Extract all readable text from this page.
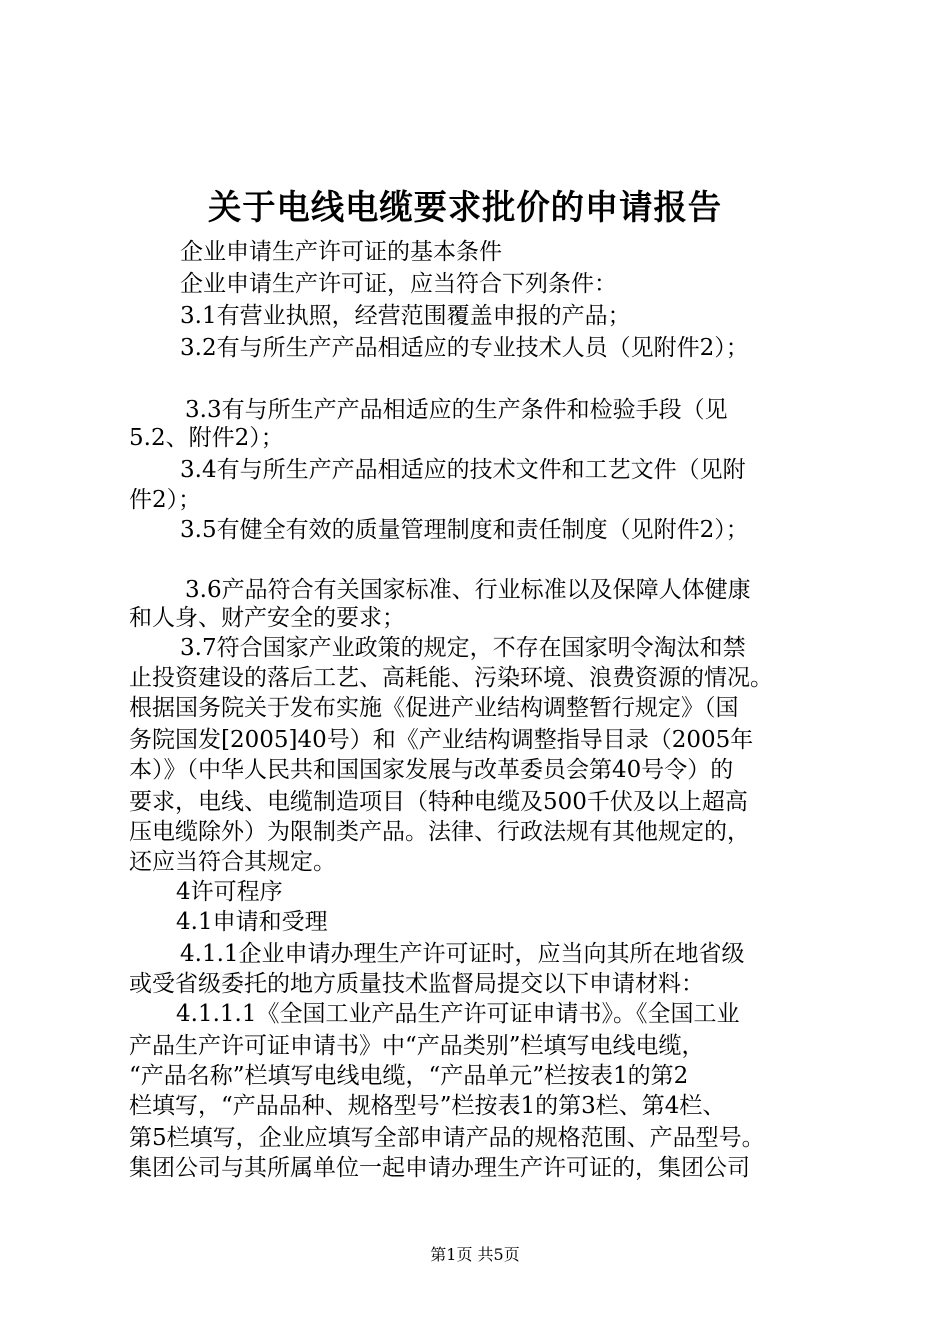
关于电线电缆要求批价的申请报告
企业申请生产许可证的基本条件
企业申请生产许可证，应当符合下列条件：
3.1有营业执照，经营范围覆盖申报的产品；
3.2有与所生产产品相适应的专业技术人员（见附件2）；
3.3有与所生产产品相适应的生产条件和检验手段（见
5.2、附件2）；
3.4有与所生产产品相适应的技术文件和工艺文件（见附
件2）；
3.5有健全有效的质量管理制度和责任制度（见附件2）；
3.6产品符合有关国家标准、行业标准以及保障人体健康
和人身、财产安全的要求；
3.7符合国家产业政策的规定，不存在国家明令淘汰和禁
止投资建设的落后工艺、高耗能、污染环境、浪费资源的情况。
根据国务院关于发布实施《促进产业结构调整暂行规定》（国
务院国发[2005]40号）和《产业结构调整指导目录（2005年
本）》（中华人民共和国国家发展与改革委员会第40号令）的
要求，电线、电缆制造项目（特种电缆及500千伏及以上超高
压电缆除外）为限制类产品。法律、行政法规有其他规定的，
还应当符合其规定。
4许可程序
4.1申请和受理
4.1.1企业申请办理生产许可证时，应当向其所在地省级
或受省级委托的地方质量技术监督局提交以下申请材料：
4.1.1.1《全国工业产品生产许可证申请书》。《全国工业
产品生产许可证申请书》中“产品类别”栏填写电线电缆，
“产品名称”栏填写电线电缆，“产品单元”栏按表1的第2
栏填写，“产品品种、规格型号”栏按表1的第3栏、第4栏、
第5栏填写，企业应填写全部申请产品的规格范围、产品型号。
集团公司与其所属单位一起申请办理生产许可证的，集团公司
第1页 共5页
